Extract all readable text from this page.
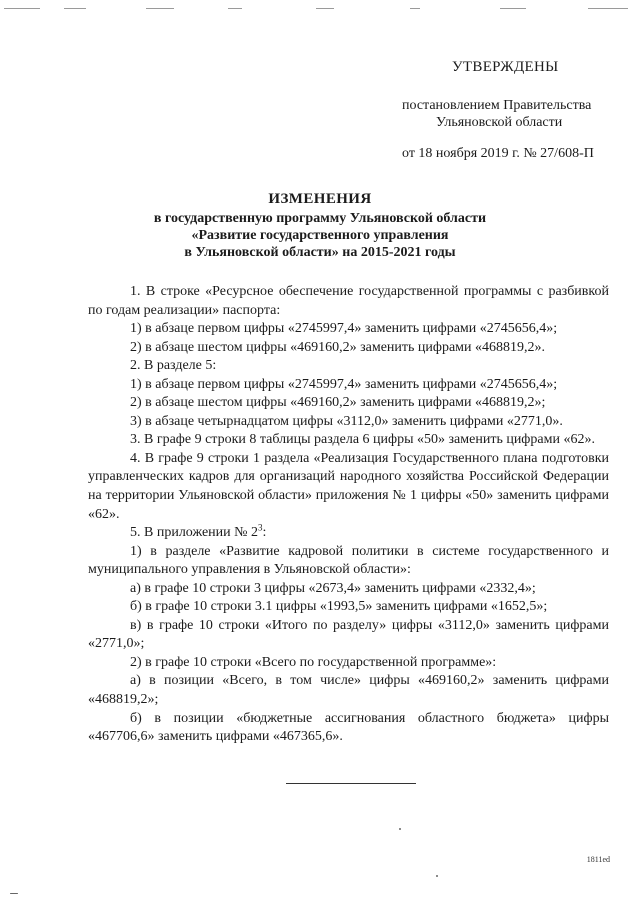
УТВЕРЖДЕНЫ
постановлением Правительства
Ульяновской области
от 18 ноября 2019 г. № 27/608-П
ИЗМЕНЕНИЯ
в государственную программу Ульяновской области
«Развитие государственного управления
в Ульяновской области» на 2015-2021 годы

1. В строке «Ресурсное обеспечение государственной программы с разбивкой по годам реализации» паспорта:

1) в абзаце первом цифры «2745997,4» заменить цифрами «2745656,4»;

2) в абзаце шестом цифры «469160,2» заменить цифрами «468819,2».

2. В разделе 5:

1) в абзаце первом цифры «2745997,4» заменить цифрами «2745656,4»;

2) в абзаце шестом цифры «469160,2» заменить цифрами «468819,2»;

3) в абзаце четырнадцатом цифры «3112,0» заменить цифрами «2771,0».

3. В графе 9 строки 8 таблицы раздела 6 цифры «50» заменить цифрами «62».

4. В графе 9 строки 1 раздела «Реализация Государственного плана подготовки управленческих кадров для организаций народного хозяйства Российской Федерации на территории Ульяновской области» приложения № 1 цифры «50» заменить цифрами «62».

5. В приложении № $2^3$:

1) в разделе «Развитие кадровой политики в системе государственного и муниципального управления в Ульяновской области»:

а) в графе 10 строки 3 цифры «2673,4» заменить цифрами «2332,4»;

б) в графе 10 строки 3.1 цифры «1993,5» заменить цифрами «1652,5»;

в) в графе 10 строки «Итого по разделу» цифры «3112,0» заменить цифрами «2771,0»;

2) в графе 10 строки «Всего по государственной программе»:

а) в позиции «Всего, в том числе» цифры «469160,2» заменить цифрами «468819,2»;

б) в позиции «бюджетные ассигнования областного бюджета» цифры «467706,6» заменить цифрами «467365,6».

1811ed
